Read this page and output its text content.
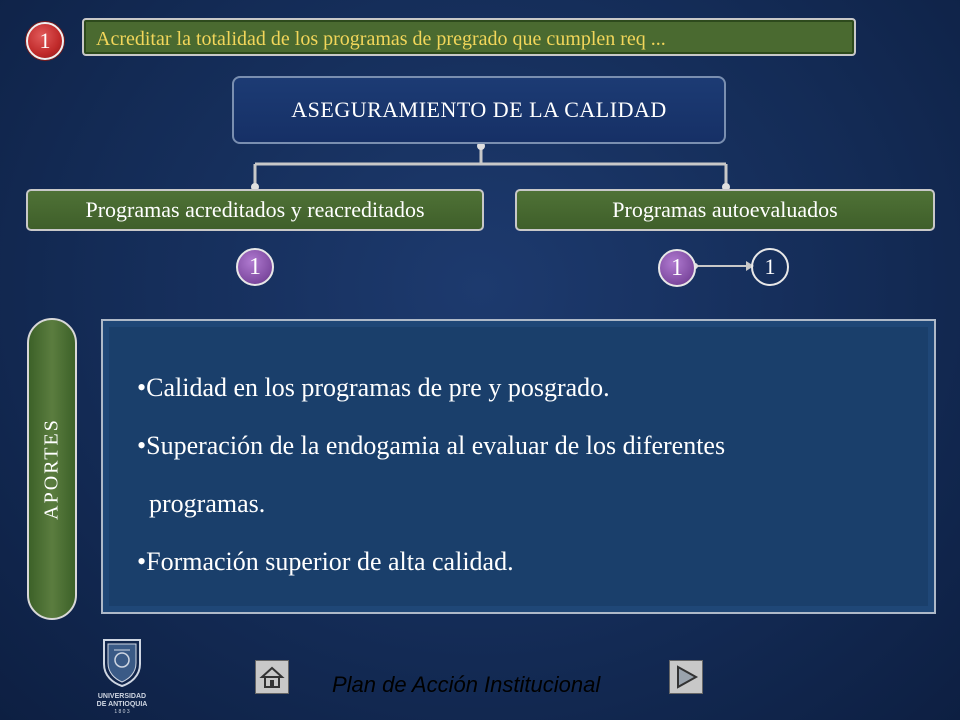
1	Acreditar la totalidad de los programas de pregrado que cumplen req ...
ASEGURAMIENTO DE LA CALIDAD
Programas acreditados y reacreditados	Programas autoevaluados
1	1	1
APORTES
•Calidad en los programas de pre y posgrado.
•Superación de la endogamia al evaluar de los diferentes
programas.
•Formación superior de alta calidad.
UNIVERSIDAD DE ANTIOQUIA
1 8 0 3
Plan de Acción Institucional
